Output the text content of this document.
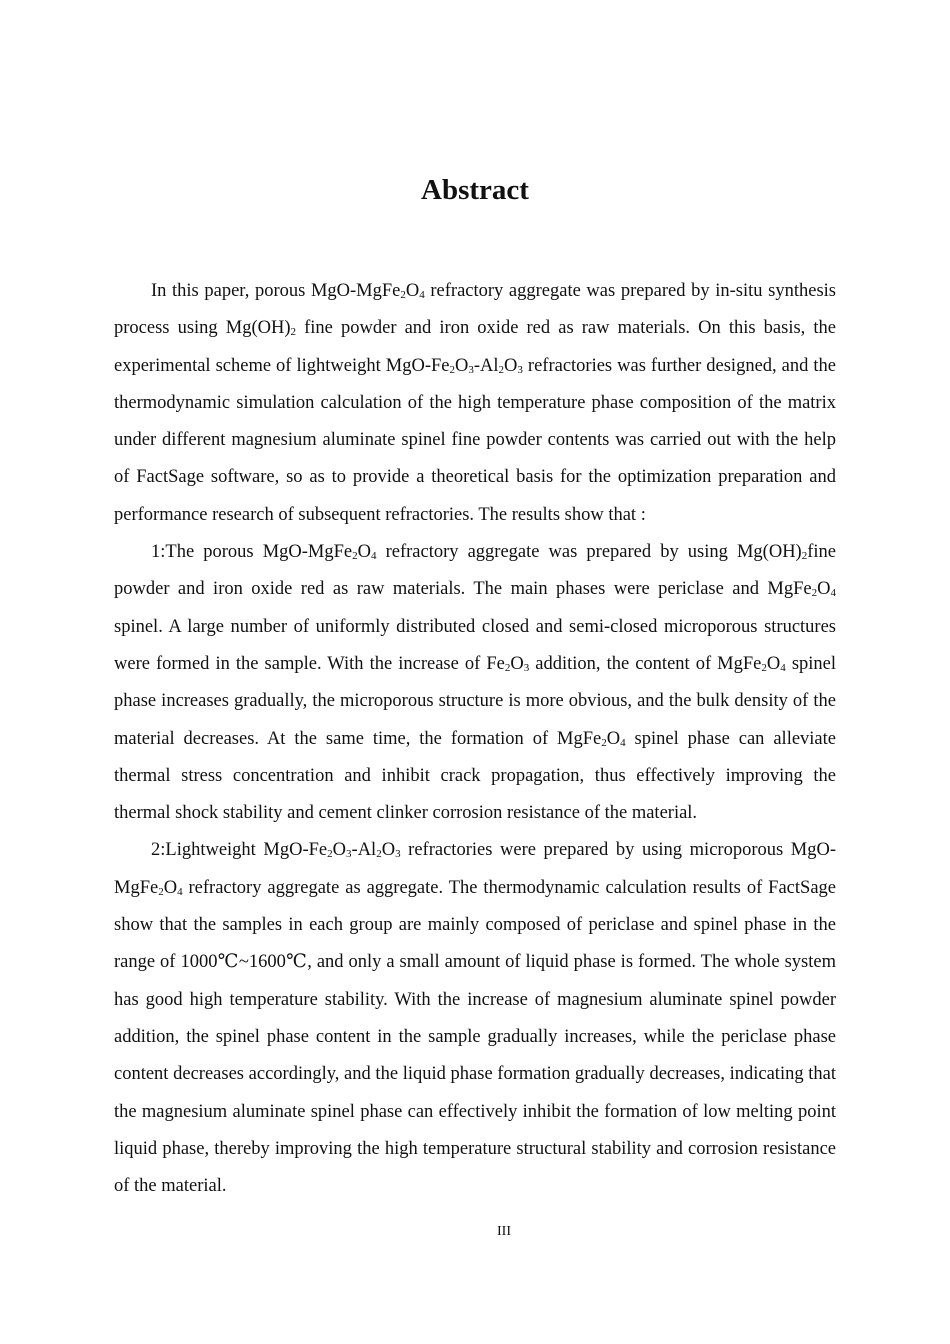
Abstract

In this paper, porous MgO-$MgFe_2O_4$ refractory aggregate was prepared by in-situ synthesis process using $Mg(OH)_2$ fine powder and iron oxide red as raw materials. On this basis, the experimental scheme of lightweight MgO-$Fe_2O_3-Al_2O_3$ refractories was further designed, and the thermodynamic simulation calculation of the high temperature phase composition of the matrix under different magnesium aluminate spinel fine powder contents was carried out with the help of FactSage software, so as to provide a theoretical basis for the optimization preparation and performance research of subsequent refractories. The results show that :

1:The porous MgO-$MgFe_2O_4$ refractory aggregate was prepared by using $Mg(OH)_2fine$ powder and iron oxide red as raw materials. The main phases were periclase and $MgFe_2O_4$ spinel. A large number of uniformly distributed closed and semi-closed microporous structures were formed in the sample. With the increase of $Fe_2O_3$ addition, the content of $MgFe_2O_4$ spinel phase increases gradually, the microporous structure is more obvious, and the bulk density of the material decreases. At the same time, the formation of $MgFe_2O_4$ spinel phase can alleviate thermal stress concentration and inhibit crack propagation, thus effectively improving the thermal shock stability and cement clinker corrosion resistance of the material.

2:Lightweight MgO-$Fe_2O_3-Al_2O_3$ refractories were prepared by using microporous MgO-$MgFe_2O_4$ refractory aggregate as aggregate. The thermodynamic calculation results of FactSage show that the samples in each group are mainly composed of periclase and spinel phase in the range of 1000℃~1600℃, and only a small amount of liquid phase is formed. The whole system has good high temperature stability. With the increase of magnesium aluminate spinel powder addition, the spinel phase content in the sample gradually increases, while the periclase phase content decreases accordingly, and the liquid phase formation gradually decreases, indicating that the magnesium aluminate spinel phase can effectively inhibit the formation of low melting point liquid phase, thereby improving the high temperature structural stability and corrosion resistance of the material.

III
